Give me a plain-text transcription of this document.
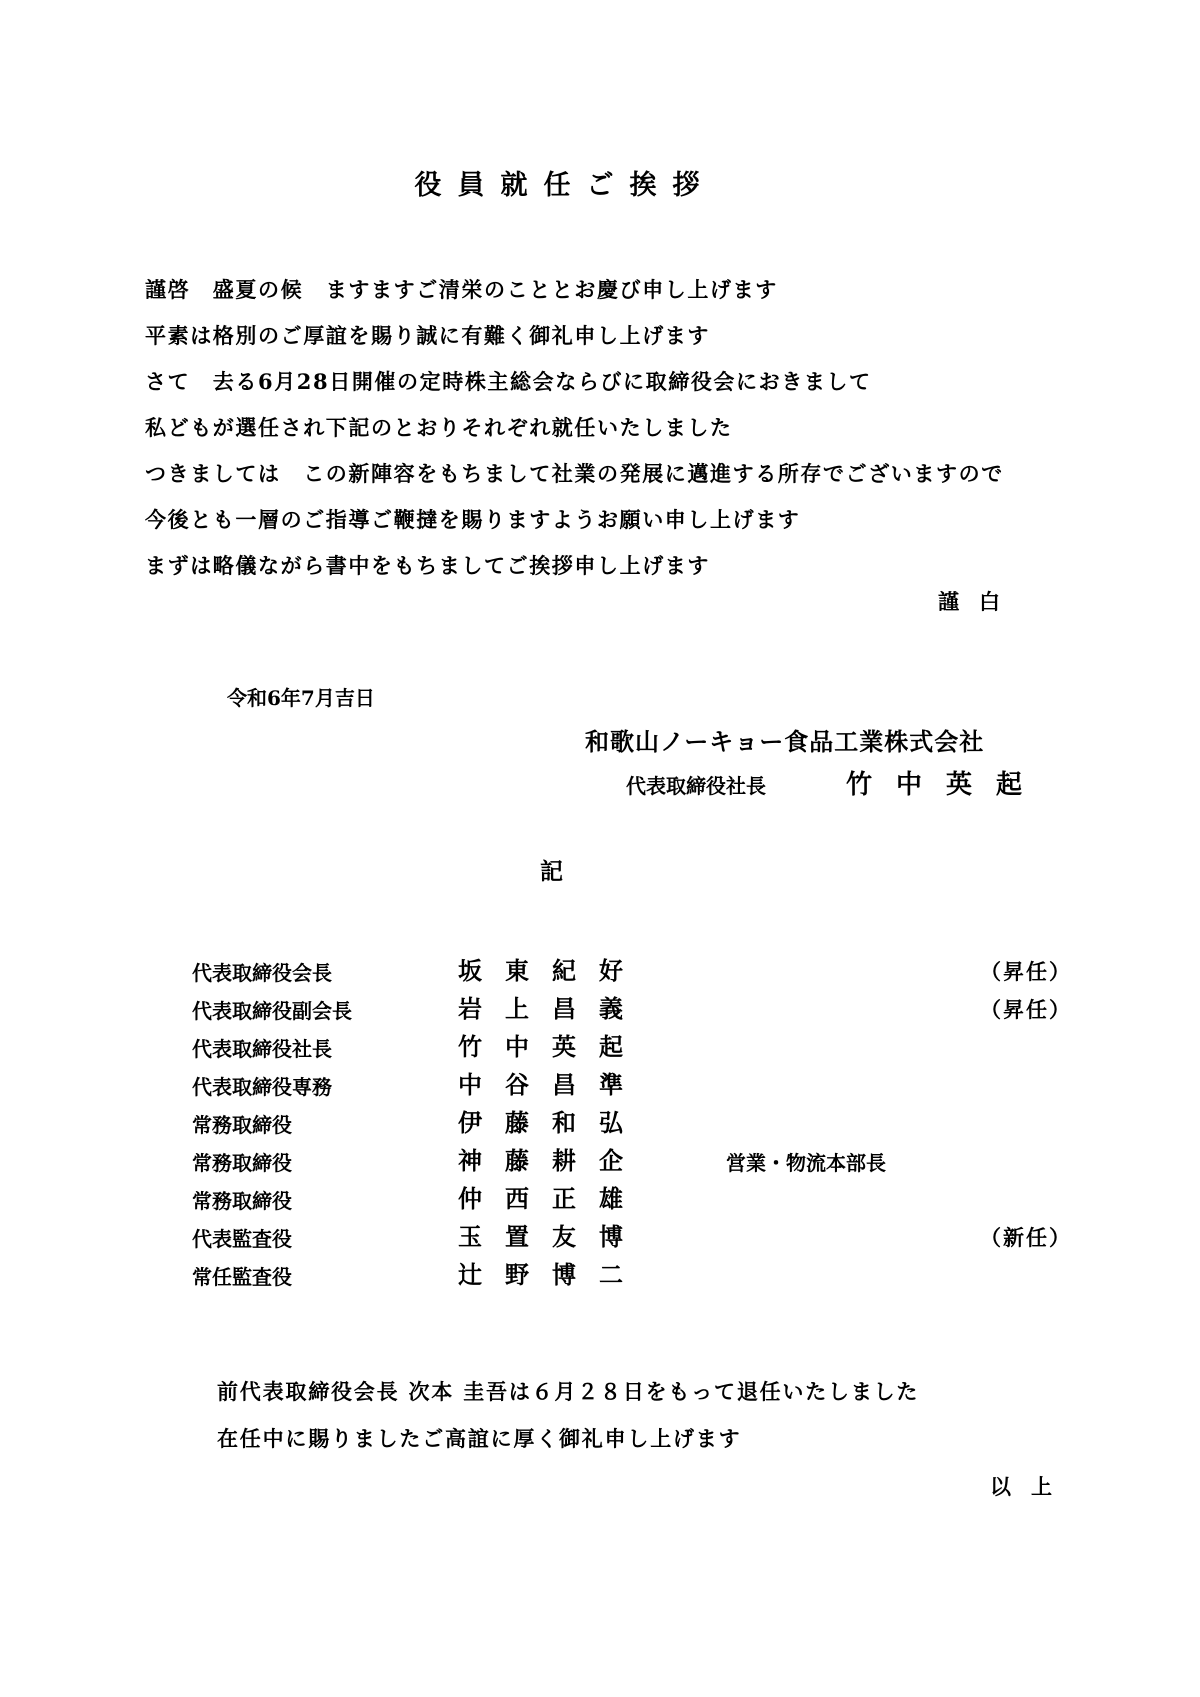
役員就任ご挨拶
謹啓　盛夏の候　ますますご清栄のこととお慶び申し上げます
平素は格別のご厚誼を賜り誠に有難く御礼申し上げます
さて　去る6月28日開催の定時株主総会ならびに取締役会におきまして
私どもが選任され下記のとおりそれぞれ就任いたしました
つきましては　この新陣容をもちまして社業の発展に邁進する所存でございますので
今後とも一層のご指導ご鞭撻を賜りますようお願い申し上げます
まずは略儀ながら書中をもちましてご挨拶申し上げます
謹白
令和6年7月吉日
和歌山ノーキョー食品工業株式会社
代表取締役社長	竹中英起
記
代表取締役会長	坂東紀好	（昇任）
代表取締役副会長	岩上昌義	（昇任）
代表取締役社長	竹中英起
代表取締役専務	中谷昌準
常務取締役	伊藤和弘
常務取締役	神藤耕企	営業・物流本部長
常務取締役	仲西正雄
代表監査役	玉置友博	（新任）
常任監査役	辻野博二
前代表取締役会長 次本 圭吾は６月２８日をもって退任いたしました
在任中に賜りましたご高誼に厚く御礼申し上げます
以上
